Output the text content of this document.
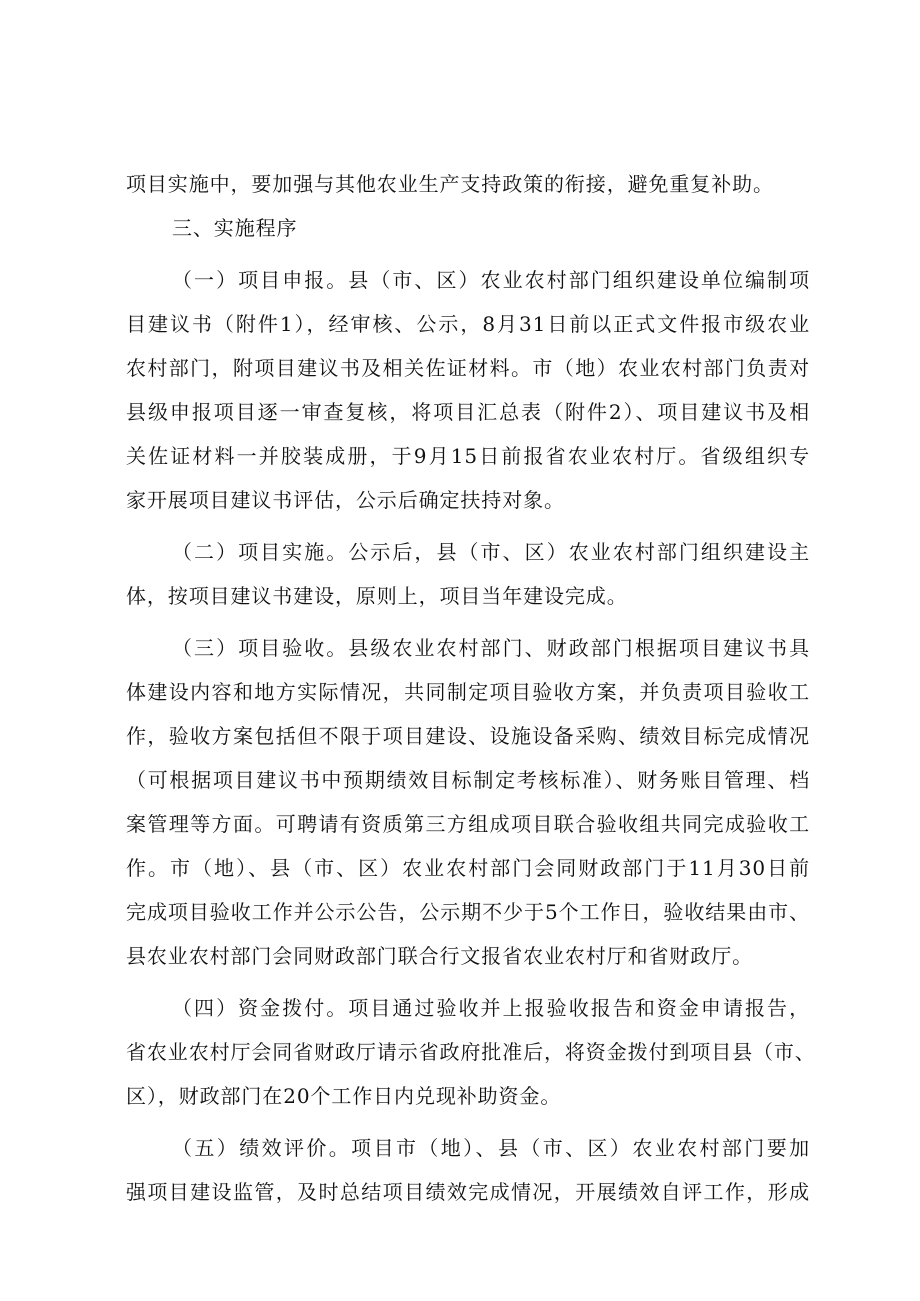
项目实施中，要加强与其他农业生产支持政策的衔接，避免重复补助。
三、实施程序
（一）项目申报。县（市、区）农业农村部门组织建设单位编制项
目建议书（附件1），经审核、公示，8月31日前以正式文件报市级农业
农村部门，附项目建议书及相关佐证材料。市（地）农业农村部门负责对
县级申报项目逐一审查复核，将项目汇总表（附件2）、项目建议书及相
关佐证材料一并胶装成册，于9月15日前报省农业农村厅。省级组织专
家开展项目建议书评估，公示后确定扶持对象。
（二）项目实施。公示后，县（市、区）农业农村部门组织建设主
体，按项目建议书建设，原则上，项目当年建设完成。
（三）项目验收。县级农业农村部门、财政部门根据项目建议书具
体建设内容和地方实际情况，共同制定项目验收方案，并负责项目验收工
作，验收方案包括但不限于项目建设、设施设备采购、绩效目标完成情况
（可根据项目建议书中预期绩效目标制定考核标准）、财务账目管理、档
案管理等方面。可聘请有资质第三方组成项目联合验收组共同完成验收工
作。市（地）、县（市、区）农业农村部门会同财政部门于11月30日前
完成项目验收工作并公示公告，公示期不少于5个工作日，验收结果由市、
县农业农村部门会同财政部门联合行文报省农业农村厅和省财政厅。
（四）资金拨付。项目通过验收并上报验收报告和资金申请报告，
省农业农村厅会同省财政厅请示省政府批准后，将资金拨付到项目县（市、
区），财政部门在20个工作日内兑现补助资金。
（五）绩效评价。项目市（地）、县（市、区）农业农村部门要加
强项目建设监管，及时总结项目绩效完成情况，开展绩效自评工作，形成
